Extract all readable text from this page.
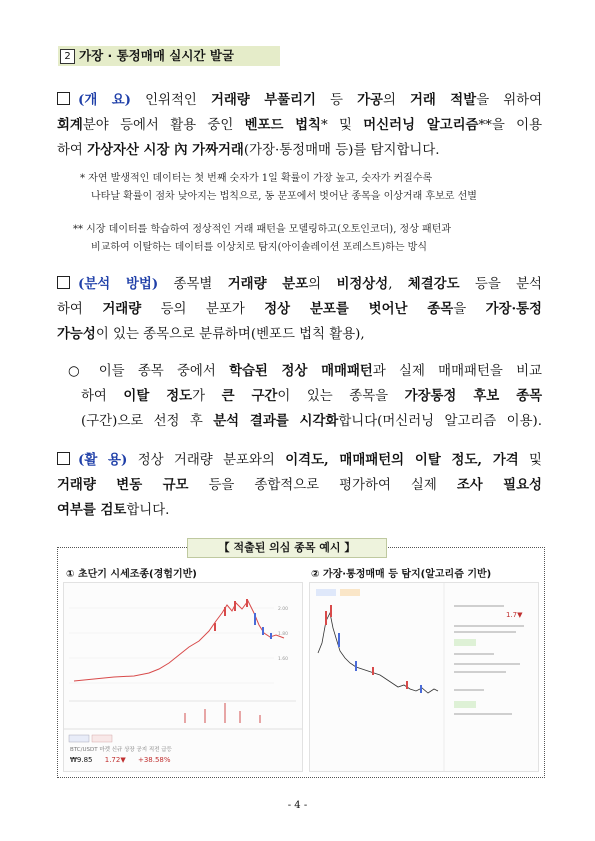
2 가장 · 통정매매 실시간 발굴

(개 요) 인위적인 거래량 부풀리기 등 가공의 거래 적발을 위하여

회계분야 등에서 활용 중인 벤포드 법칙* 및 머신러닝 알고리즘**을 이용

하여 가상자산 시장 內 가짜거래(가장·통정매매 등)를 탐지합니다.

* 자연 발생적인 데이터는 첫 번째 숫자가 1일 확률이 가장 높고, 숫자가 커질수록
나타날 확률이 점차 낮아지는 법칙으로, 동 문포에서 벗어난 종목을 이상거래 후보로 선별
** 시장 데이터를 학습하여 정상적인 거래 패턴을 모델링하고(오토인코더), 정상 패턴과
비교하여 이탈하는 데이터를 이상치로 탐지(아이솔레이션 포레스트)하는 방식

(분석 방법) 종목별 거래량 분포의 비정상성, 체결강도 등을 분석

하여 거래량 등의 분포가 정상 분포를 벗어난 종목을 가장·통정

가능성이 있는 종목으로 분류하며(벤포드 법칙 활용),

○ 이들 종목 중에서 학습된 정상 매매패턴과 실제 매매패턴을 비교

하여 이탈 정도가 큰 구간이 있는 종목을 가장통정 후보 종목

(구간)으로 선정 후 분석 결과를 시각화합니다(머신러닝 알고리즘 이용).

(활 용) 정상 거래량 분포와의 이격도, 매매패턴의 이탈 정도, 가격 및

거래량 변동 규모 등을 종합적으로 평가하여 실제 조사 필요성

여부를 검토합니다.

【 적출된 의심 종목 예시 】
① 초단기 시세조종(경험기반)	② 가장·통정매매 등 탐지(알고리즘 기반)
2.00
1.80
1.60
BTC/USDT 마켓 신규 상장 공지 직전 급등
₩9.85 1.72▼ +38.58%
1.7▼
- 4 -
